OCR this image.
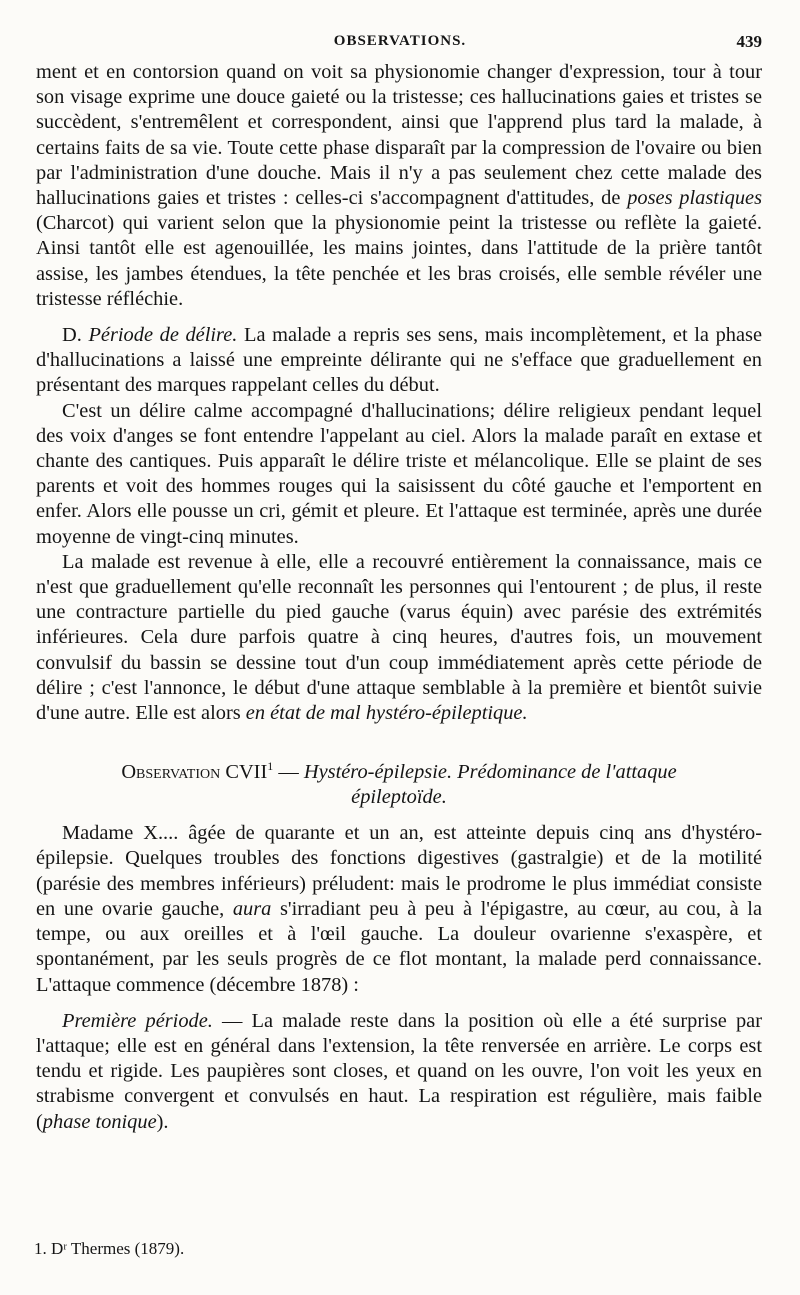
OBSERVATIONS.	439

ment et en contorsion quand on voit sa physionomie changer d'expression, tour à tour son visage exprime une douce gaieté ou la tristesse; ces hallucinations gaies et tristes se succèdent, s'entremêlent et correspondent, ainsi que l'apprend plus tard la malade, à certains faits de sa vie. Toute cette phase disparaît par la compression de l'ovaire ou bien par l'administration d'une douche. Mais il n'y a pas seulement chez cette malade des hallucinations gaies et tristes : celles-ci s'accompagnent d'attitudes, de poses plastiques (Charcot) qui varient selon que la physionomie peint la tristesse ou reflète la gaieté. Ainsi tantôt elle est agenouillée, les mains jointes, dans l'attitude de la prière tantôt assise, les jambes étendues, la tête penchée et les bras croisés, elle semble révéler une tristesse réfléchie.

D. Période de délire. La malade a repris ses sens, mais incomplètement, et la phase d'hallucinations a laissé une empreinte délirante qui ne s'efface que graduellement en présentant des marques rappelant celles du début.

C'est un délire calme accompagné d'hallucinations; délire religieux pendant lequel des voix d'anges se font entendre l'appelant au ciel. Alors la malade paraît en extase et chante des cantiques. Puis apparaît le délire triste et mélancolique. Elle se plaint de ses parents et voit des hommes rouges qui la saisissent du côté gauche et l'emportent en enfer. Alors elle pousse un cri, gémit et pleure. Et l'attaque est terminée, après une durée moyenne de vingt-cinq minutes.

La malade est revenue à elle, elle a recouvré entièrement la connaissance, mais ce n'est que graduellement qu'elle reconnaît les personnes qui l'entourent ; de plus, il reste une contracture partielle du pied gauche (varus équin) avec parésie des extrémités inférieures. Cela dure parfois quatre à cinq heures, d'autres fois, un mouvement convulsif du bassin se dessine tout d'un coup immédiatement après cette période de délire ; c'est l'annonce, le début d'une attaque semblable à la première et bientôt suivie d'une autre. Elle est alors en état de mal hystéro-épileptique.

Observation CVII$^1$ — Hystéro-épilepsie. Prédominance de l'attaque
épileptoïde.

Madame X.... âgée de quarante et un an, est atteinte depuis cinq ans d'hystéro-épilepsie. Quelques troubles des fonctions digestives (gastralgie) et de la motilité (parésie des membres inférieurs) préludent: mais le prodrome le plus immédiat consiste en une ovarie gauche, aura s'irradiant peu à peu à l'épigastre, au cœur, au cou, à la tempe, ou aux oreilles et à l'œil gauche. La douleur ovarienne s'exaspère, et spontanément, par les seuls progrès de ce flot montant, la malade perd connaissance. L'attaque commence (décembre 1878) :

Première période. — La malade reste dans la position où elle a été surprise par l'attaque; elle est en général dans l'extension, la tête renversée en arrière. Le corps est tendu et rigide. Les paupières sont closes, et quand on les ouvre, l'on voit les yeux en strabisme convergent et convulsés en haut. La respiration est régulière, mais faible (phase tonique).

1. Dʳ Thermes (1879).
